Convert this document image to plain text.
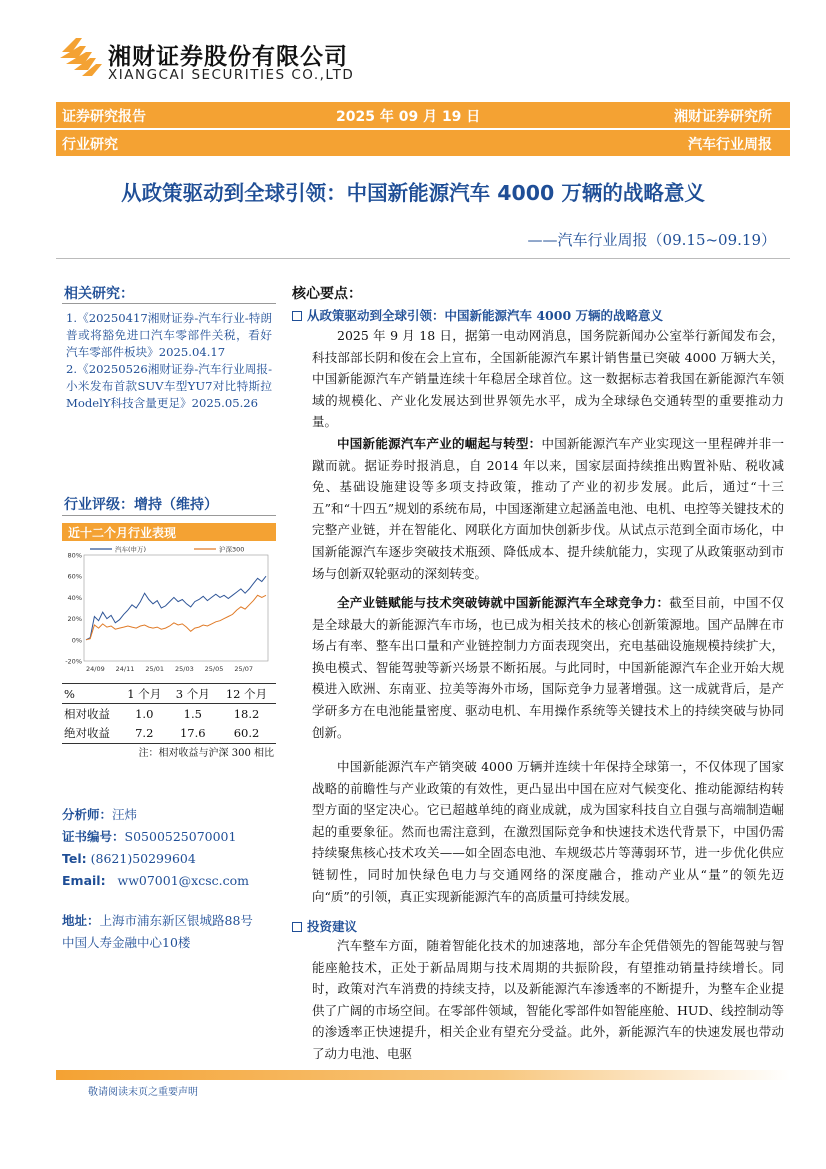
湘财证券股份有限公司
XIANGCAI SECURITIES CO.,LTD
证券研究报告	2025 年 09 月 19 日	湘财证券研究所
行业研究	汽车行业周报
从政策驱动到全球引领：中国新能源汽车 4000 万辆的战略意义
——汽车行业周报（09.15~09.19）
相关研究：
1.《20250417湘财证券-汽车行业-特朗普或将豁免进口汽车零部件关税，看好汽车零部件板块》2025.04.17
2.《20250526湘财证券-汽车行业周报-小米发布首款SUV车型YU7对比特斯拉ModelY科技含量更足》2025.05.26
行业评级：增持（维持）
近十二个月行业表现
-20%
0%
20%
40%
60%
80%
24/09 24/11 25/01 25/03 25/05 25/07
汽车(申万)	沪深300
%	1 个月	3 个月	12 个月
相对收益	1.0	1.5	18.2
绝对收益	7.2	17.6	60.2
注：相对收益与沪深 300 相比
分析师：汪炜
证书编号：S0500525070001
Tel: (8621)50299604
Email: ww07001@xcsc.com
地址：上海市浦东新区银城路88号
中国人寿金融中心10楼
核心要点：
从政策驱动到全球引领：中国新能源汽车 4000 万辆的战略意义

2025 年 9 月 18 日，据第一电动网消息，国务院新闻办公室举行新闻发布会，科技部部长阴和俊在会上宣布，全国新能源汽车累计销售量已突破 4000 万辆大关，中国新能源汽车产销量连续十年稳居全球首位。这一数据标志着我国在新能源汽车领域的规模化、产业化发展达到世界领先水平，成为全球绿色交通转型的重要推动力量。

中国新能源汽车产业的崛起与转型：中国新能源汽车产业实现这一里程碑并非一蹴而就。据证券时报消息，自 2014 年以来，国家层面持续推出购置补贴、税收减免、基础设施建设等多项支持政策，推动了产业的初步发展。此后，通过“十三五”和“十四五”规划的系统布局，中国逐渐建立起涵盖电池、电机、电控等关键技术的完整产业链，并在智能化、网联化方面加快创新步伐。从试点示范到全面市场化，中国新能源汽车逐步突破技术瓶颈、降低成本、提升续航能力，实现了从政策驱动到市场与创新双轮驱动的深刻转变。

全产业链赋能与技术突破铸就中国新能源汽车全球竞争力：截至目前，中国不仅是全球最大的新能源汽车市场，也已成为相关技术的核心创新策源地。国产品牌在市场占有率、整车出口量和产业链控制力方面表现突出，充电基础设施规模持续扩大，换电模式、智能驾驶等新兴场景不断拓展。与此同时，中国新能源汽车企业开始大规模进入欧洲、东南亚、拉美等海外市场，国际竞争力显著增强。这一成就背后，是产学研多方在电池能量密度、驱动电机、车用操作系统等关键技术上的持续突破与协同创新。

中国新能源汽车产销突破 4000 万辆并连续十年保持全球第一，不仅体现了国家战略的前瞻性与产业政策的有效性，更凸显出中国在应对气候变化、推动能源结构转型方面的坚定决心。它已超越单纯的商业成就，成为国家科技自立自强与高端制造崛起的重要象征。然而也需注意到，在激烈国际竞争和快速技术迭代背景下，中国仍需持续聚焦核心技术攻关——如全固态电池、车规级芯片等薄弱环节，进一步优化供应链韧性，同时加快绿色电力与交通网络的深度融合，推动产业从“量”的领先迈向“质”的引领，真正实现新能源汽车的高质量可持续发展。

投资建议

汽车整车方面，随着智能化技术的加速落地，部分车企凭借领先的智能驾驶与智能座舱技术，正处于新品周期与技术周期的共振阶段，有望推动销量持续增长。同时，政策对汽车消费的持续支持，以及新能源汽车渗透率的不断提升，为整车企业提供了广阔的市场空间。在零部件领域，智能化零部件如智能座舱、HUD、线控制动等的渗透率正快速提升，相关企业有望充分受益。此外，新能源汽车的快速发展也带动了动力电池、电驱

敬请阅读末页之重要声明
